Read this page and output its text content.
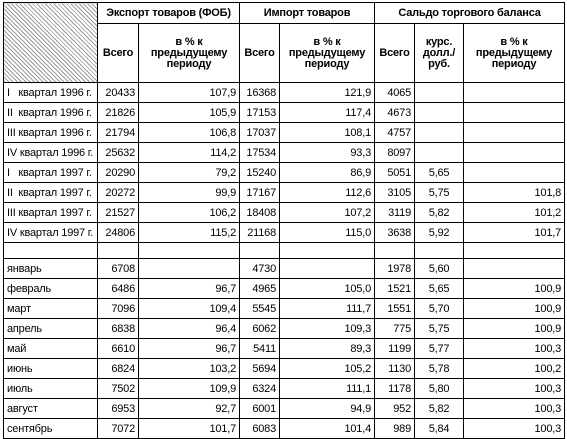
	Экспорт товаров (ФОБ)		Импорт товаров		Сальдо торгового баланса		
	Всего	в % к предыдущему периоду	Всего	в % к предыдущему периоду	Всего	курс. долл./ руб.	в % к предыдущему периоду
I   квартал 1996 г.	20433	107,9	16368	121,9	4065		
II  квартал 1996 г.	21826	105,9	17153	117,4	4673		
III квартал 1996 г.	21794	106,8	17037	108,1	4757		
IV квартал 1996 г.	25632	114,2	17534	93,3	8097		
I   квартал 1997 г.	20290	79,2	15240	86,9	5051	5,65	
II  квартал 1997 г.	20272	99,9	17167	112,6	3105	5,75	101,8
III квартал 1997 г.	21527	106,2	18408	107,2	3119	5,82	101,2
IV квартал 1997 г.	24806	115,2	21168	115,0	3638	5,92	101,7

январь	6708		4730		1978	5,60	
февраль	6486	96,7	4965	105,0	1521	5,65	100,9
март	7096	109,4	5545	111,7	1551	5,70	100,9
апрель	6838	96,4	6062	109,3	775	5,75	100,9
май	6610	96,7	5411	89,3	1199	5,77	100,3
июнь	6824	103,2	5694	105,2	1130	5,78	100,2
июль	7502	109,9	6324	111,1	1178	5,80	100,3
август	6953	92,7	6001	94,9	952	5,82	100,3
сентябрь	7072	101,7	6083	101,4	989	5,84	100,3
